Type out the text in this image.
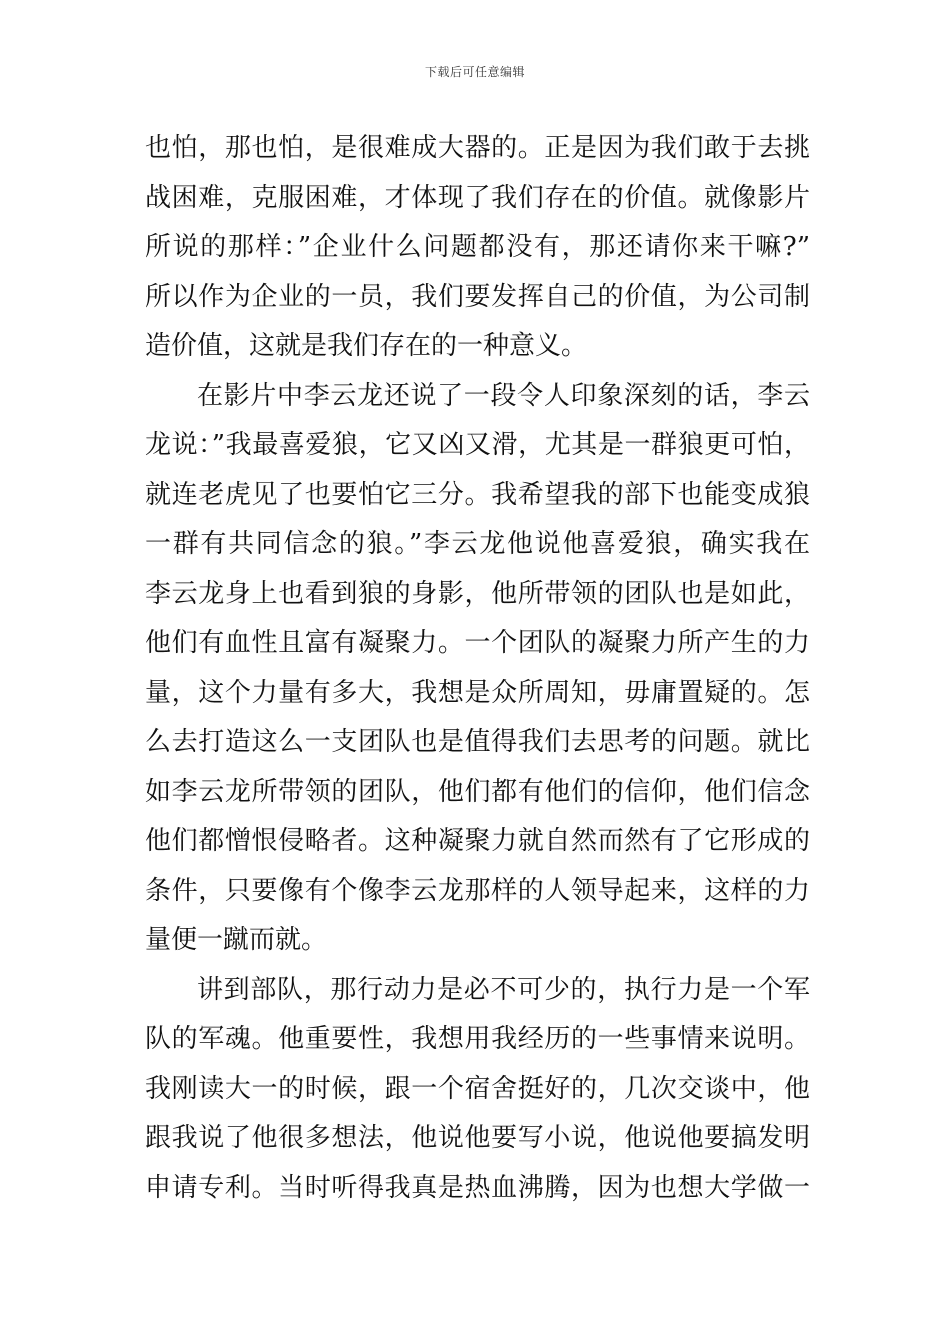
下载后可任意编辑
也怕，那也怕，是很难成大器的。正是因为我们敢于去挑
战困难，克服困难，才体现了我们存在的价值。就像影片
所说的那样：”企业什么问题都没有，那还请你来干嘛?”
所以作为企业的一员，我们要发挥自己的价值，为公司制
造价值，这就是我们存在的一种意义。
在影片中李云龙还说了一段令人印象深刻的话，李云
龙说：”我最喜爱狼，它又凶又滑，尤其是一群狼更可怕，
就连老虎见了也要怕它三分。我希望我的部下也能变成狼
一群有共同信念的狼。”李云龙他说他喜爱狼，确实我在
李云龙身上也看到狼的身影，他所带领的团队也是如此，
他们有血性且富有凝聚力。一个团队的凝聚力所产生的力
量，这个力量有多大，我想是众所周知，毋庸置疑的。怎
么去打造这么一支团队也是值得我们去思考的问题。就比
如李云龙所带领的团队，他们都有他们的信仰，他们信念
他们都憎恨侵略者。这种凝聚力就自然而然有了它形成的
条件，只要像有个像李云龙那样的人领导起来，这样的力
量便一蹴而就。
讲到部队，那行动力是必不可少的，执行力是一个军
队的军魂。他重要性，我想用我经历的一些事情来说明。
我刚读大一的时候，跟一个宿舍挺好的，几次交谈中，他
跟我说了他很多想法，他说他要写小说，他说他要搞发明
申请专利。当时听得我真是热血沸腾，因为也想大学做一
